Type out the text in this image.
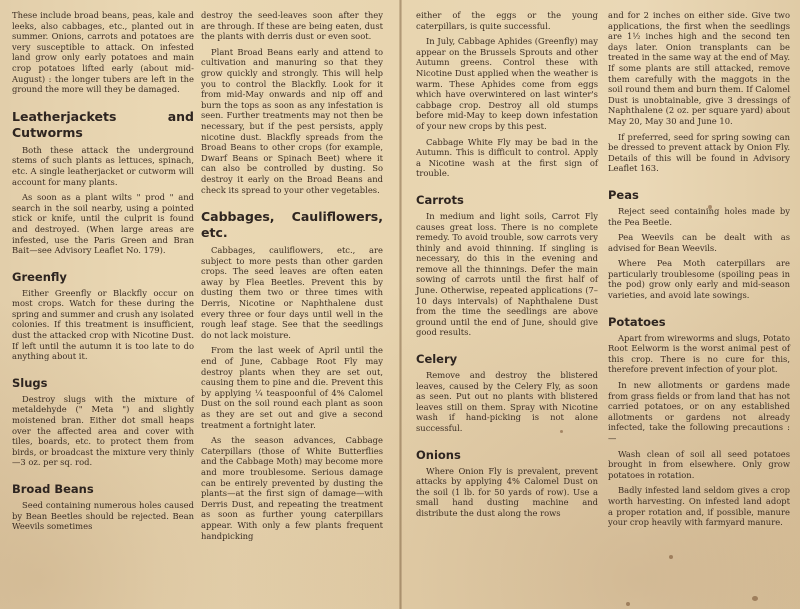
These include broad beans, peas, kale and leeks, also cabbages, etc., planted out in summer. Onions, carrots and potatoes are very susceptible to attack. On infested land grow only early potatoes and main crop potatoes lifted early (about mid-August) : the longer tubers are left in the ground the more will they be damaged.

Leatherjackets and Cutworms

Both these attack the underground stems of such plants as lettuces, spinach, etc. A single leatherjacket or cutworm will account for many plants.

As soon as a plant wilts " prod " and search in the soil nearby, using a pointed stick or knife, until the culprit is found and destroyed. (When large areas are infested, use the Paris Green and Bran Bait—see Advisory Leaflet No. 179).

Greenfly

Either Greenfly or Blackfly occur on most crops. Watch for these during the spring and summer and crush any isolated colonies. If this treatment is insufficient, dust the attacked crop with Nicotine Dust. If left until the autumn it is too late to do anything about it.

Slugs

Destroy slugs with the mixture of metaldehyde (" Meta ") and slightly moistened bran. Either dot small heaps over the affected area and cover with tiles, boards, etc. to protect them from birds, or broadcast the mixture very thinly—3 oz. per sq. rod.

Broad Beans

Seed containing numerous holes caused by Bean Beetles should be rejected. Bean Weevils sometimes

destroy the seed-leaves soon after they are through. If these are being eaten, dust the plants with derris dust or even soot.

Plant Broad Beans early and attend to cultivation and manuring so that they grow quickly and strongly. This will help you to control the Blackfly. Look for it from mid-May onwards and nip off and burn the tops as soon as any infestation is seen. Further treatments may not then be necessary, but if the pest persists, apply nicotine dust. Blackfly spreads from the Broad Beans to other crops (for example, Dwarf Beans or Spinach Beet) where it can also be controlled by dusting. So destroy it early on the Broad Beans and check its spread to your other vegetables.

Cabbages, Cauliflowers, etc.

Cabbages, cauliflowers, etc., are subject to more pests than other garden crops. The seed leaves are often eaten away by Flea Beetles. Prevent this by dusting them two or three times with Derris, Nicotine or Naphthalene dust every three or four days until well in the rough leaf stage. See that the seedlings do not lack moisture.

From the last week of April until the end of June, Cabbage Root Fly may destroy plants when they are set out, causing them to pine and die. Prevent this by applying ¼ teaspoonful of 4% Calomel Dust on the soil round each plant as soon as they are set out and give a second treatment a fortnight later.

As the season advances, Cabbage Caterpillars (those of White Butterflies and the Cabbage Moth) may become more and more troublesome. Serious damage can be entirely prevented by dusting the plants—at the first sign of damage—with Derris Dust, and repeating the treatment as soon as further young caterpillars appear. With only a few plants frequent handpicking

either of the eggs or the young caterpillars, is quite successful.

In July, Cabbage Aphides (Greenfly) may appear on the Brussels Sprouts and other Autumn greens. Control these with Nicotine Dust applied when the weather is warm. These Aphides come from eggs which have overwintered on last winter's cabbage crop. Destroy all old stumps before mid-May to keep down infestation of your new crops by this pest.

Cabbage White Fly may be bad in the Autumn. This is difficult to control. Apply a Nicotine wash at the first sign of trouble.

Carrots

In medium and light soils, Carrot Fly causes great loss. There is no complete remedy. To avoid trouble, sow carrots very thinly and avoid thinning. If singling is necessary, do this in the evening and remove all the thinnings. Defer the main sowing of carrots until the first half of June. Otherwise, repeated applications (7–10 days intervals) of Naphthalene Dust from the time the seedlings are above ground until the end of June, should give good results.

Celery

Remove and destroy the blistered leaves, caused by the Celery Fly, as soon as seen. Put out no plants with blistered leaves still on them. Spray with Nicotine wash if hand-picking is not alone successful.

Onions

Where Onion Fly is prevalent, prevent attacks by applying 4% Calomel Dust on the soil (1 lb. for 50 yards of row). Use a small hand dusting machine and distribute the dust along the rows

and for 2 inches on either side. Give two applications, the first when the seedlings are 1½ inches high and the second ten days later. Onion transplants can be treated in the same way at the end of May. If some plants are still attacked, remove them carefully with the maggots in the soil round them and burn them. If Calomel Dust is unobtainable, give 3 dressings of Naphthalene (2 oz. per square yard) about May 20, May 30 and June 10.

If preferred, seed for spring sowing can be dressed to prevent attack by Onion Fly. Details of this will be found in Advisory Leaflet 163.

Peas

Reject seed containing holes made by the Pea Beetle.

Pea Weevils can be dealt with as advised for Bean Weevils.

Where Pea Moth caterpillars are particularly troublesome (spoiling peas in the pod) grow only early and mid-season varieties, and avoid late sowings.

Potatoes

Apart from wireworms and slugs, Potato Root Eelworm is the worst animal pest of this crop. There is no cure for this, therefore prevent infection of your plot.

In new allotments or gardens made from grass fields or from land that has not carried potatoes, or on any established allotments or gardens not already infected, take the following precautions :—

Wash clean of soil all seed potatoes brought in from elsewhere. Only grow potatoes in rotation.

Badly infested land seldom gives a crop worth harvesting. On infested land adopt a proper rotation and, if possible, manure your crop heavily with farmyard manure.
